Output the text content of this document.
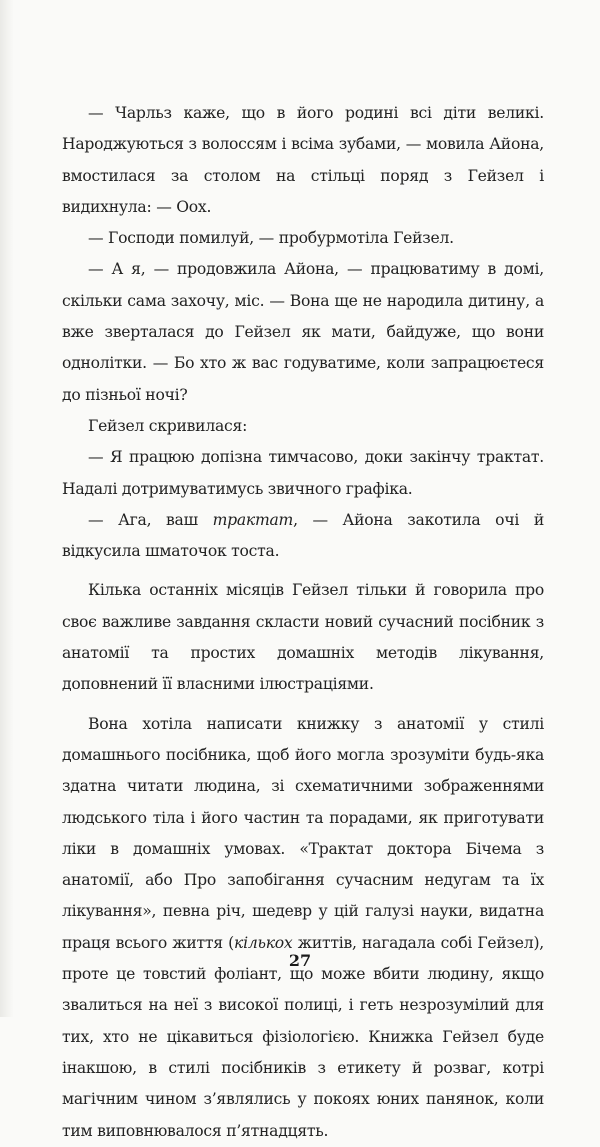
— Чарльз каже, що в його родині всі діти великі. Народжуються з волоссям і всіма зубами, — мовила Айона, вмостилася за столом на стільці поряд з Гейзел і видихнула: — Оох.

— Господи помилуй, — пробурмотіла Гейзел.

— А я, — продовжила Айона, — працюватиму в домі, скільки сама захочу, міс. — Вона ще не народила дитину, а вже зверталася до Гейзел як мати, байдуже, що вони однолітки. — Бо хто ж вас годуватиме, коли запрацюєтеся до пізньої ночі?

Гейзел скривилася:

— Я працюю допізна тимчасово, доки закінчу трактат. Надалі дотримуватимусь звичного графіка.

— Ага, ваш трактат, — Айона закотила очі й відкусила шматочок тоста.

Кілька останніх місяців Гейзел тільки й говорила про своє важливе завдання скласти новий сучасний посібник з анатомії та простих домашніх методів лікування, доповнений її власними ілюстраціями.

Вона хотіла написати книжку з анатомії у стилі домашнього посібника, щоб його могла зрозуміти будь-яка здатна читати людина, зі схематичними зображеннями людського тіла і його частин та порадами, як приготувати ліки в домашніх умовах. «Трактат доктора Бічема з анатомії, або Про запобігання сучасним недугам та їх лікування», певна річ, шедевр у цій галузі науки, видатна праця всього життя (кількох життів, нагадала собі Гейзел), проте це товстий фоліант, що може вбити людину, якщо звалиться на неї з високої полиці, і геть незрозумілий для тих, хто не цікавиться фізіологією. Книжка Гейзел буде інакшою, в стилі посібників з етикету й розваг, котрі магічним чином з’являлись у покоях юних панянок, коли тим виповнювалося п’ятнадцять.

27
